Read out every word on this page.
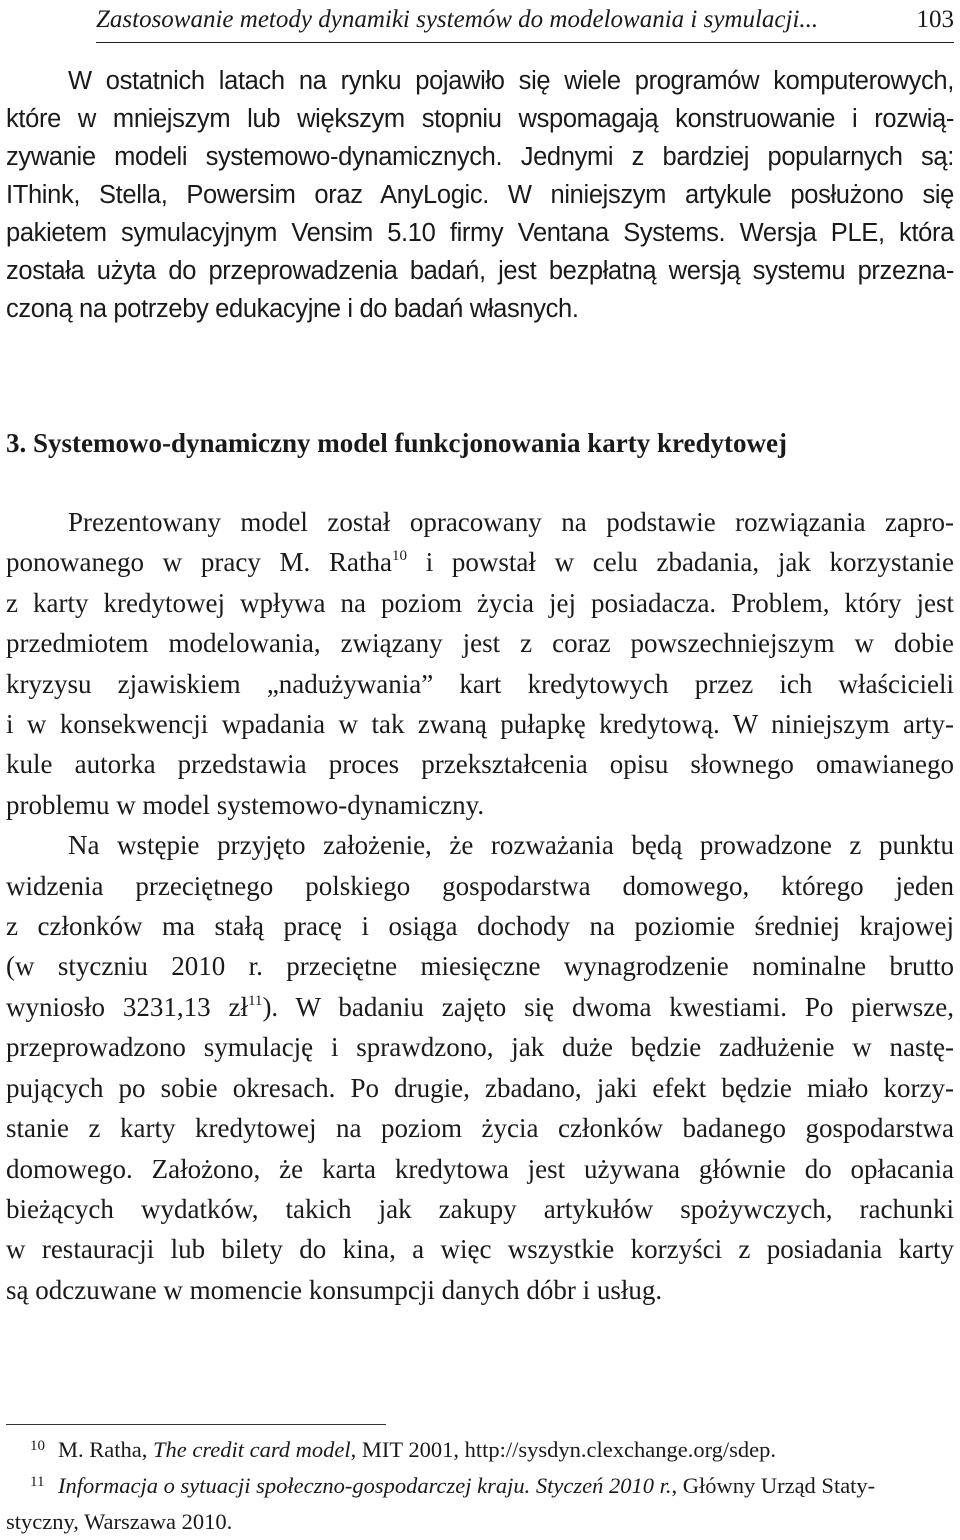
Zastosowanie metody dynamiki systemów do modelowania i symulacji...	103
W ostatnich latach na rynku pojawiło się wiele programów komputerowych,
które w mniejszym lub większym stopniu wspomagają konstruowanie i rozwią-
zywanie modeli systemowo-dynamicznych. Jednymi z bardziej popularnych są:
IThink, Stella, Powersim oraz AnyLogic. W niniejszym artykule posłużono się
pakietem symulacyjnym Vensim 5.10 firmy Ventana Systems. Wersja PLE, która
została użyta do przeprowadzenia badań, jest bezpłatną wersją systemu przezna-
czoną na potrzeby edukacyjne i do badań własnych.
3. Systemowo-dynamiczny model funkcjonowania karty kredytowej
Prezentowany model został opracowany na podstawie rozwiązania zapro-
ponowanego w pracy M. Ratha$^{10}$ i powstał w celu zbadania, jak korzystanie
z karty kredytowej wpływa na poziom życia jej posiadacza. Problem, który jest
przedmiotem modelowania, związany jest z coraz powszechniejszym w dobie
kryzysu zjawiskiem „nadużywania” kart kredytowych przez ich właścicieli
i w konsekwencji wpadania w tak zwaną pułapkę kredytową. W niniejszym arty-
kule autorka przedstawia proces przekształcenia opisu słownego omawianego
problemu w model systemowo-dynamiczny.
Na wstępie przyjęto założenie, że rozważania będą prowadzone z punktu
widzenia przeciętnego polskiego gospodarstwa domowego, którego jeden
z członków ma stałą pracę i osiąga dochody na poziomie średniej krajowej
(w styczniu 2010 r. przeciętne miesięczne wynagrodzenie nominalne brutto
wyniosło 3231,13 $zł^{11}$). W badaniu zajęto się dwoma kwestiami. Po pierwsze,
przeprowadzono symulację i sprawdzono, jak duże będzie zadłużenie w nastę-
pujących po sobie okresach. Po drugie, zbadano, jaki efekt będzie miało korzy-
stanie z karty kredytowej na poziom życia członków badanego gospodarstwa
domowego. Założono, że karta kredytowa jest używana głównie do opłacania
bieżących wydatków, takich jak zakupy artykułów spożywczych, rachunki
w restauracji lub bilety do kina, a więc wszystkie korzyści z posiadania karty
są odczuwane w momencie konsumpcji danych dóbr i usług.
10 M. Ratha, The credit card model, MIT 2001, http://sysdyn.clexchange.org/sdep.
11 Informacja o sytuacji społeczno-gospodarczej kraju. Styczeń 2010 r., Główny Urząd Staty-
styczny, Warszawa 2010.
